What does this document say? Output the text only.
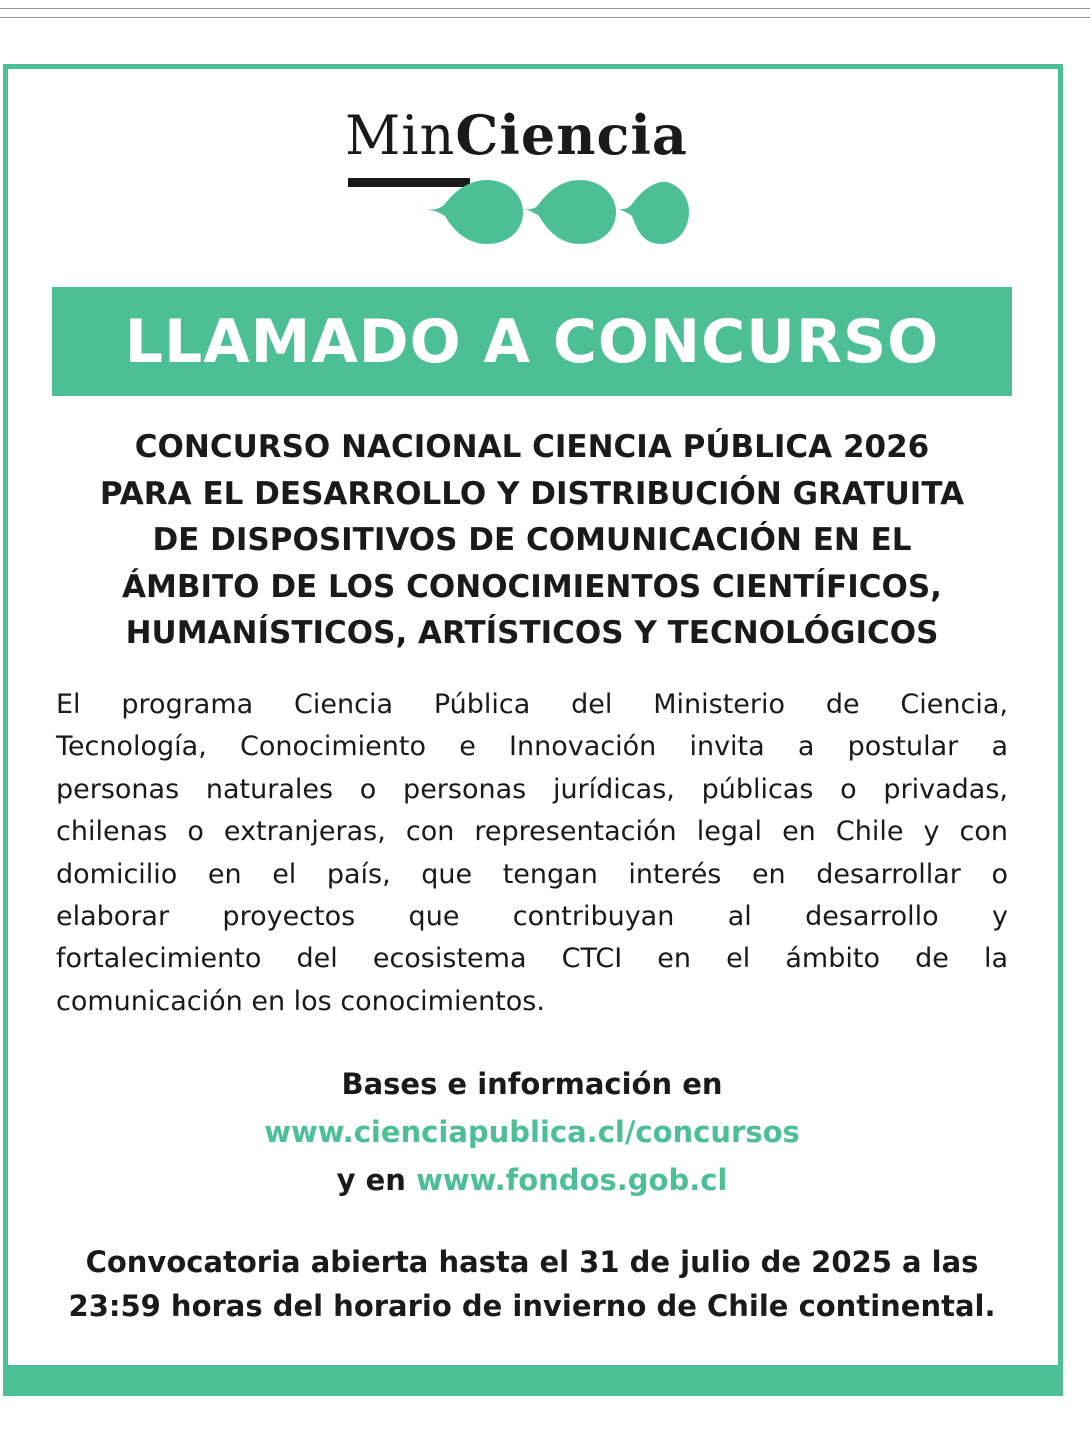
MinCiencia
LLAMADO A CONCURSO
CONCURSO NACIONAL CIENCIA PÚBLICA 2026
PARA EL DESARROLLO Y DISTRIBUCIÓN GRATUITA
DE DISPOSITIVOS DE COMUNICACIÓN EN EL
ÁMBITO DE LOS CONOCIMIENTOS CIENTÍFICOS,
HUMANÍSTICOS, ARTÍSTICOS Y TECNOLÓGICOS
El programa Ciencia Pública del Ministerio de Ciencia,
Tecnología, Conocimiento e Innovación invita a postular a
personas naturales o personas jurídicas, públicas o privadas,
chilenas o extranjeras, con representación legal en Chile y con
domicilio en el país, que tengan interés en desarrollar o
elaborar proyectos que contribuyan al desarrollo y
fortalecimiento del ecosistema CTCI en el ámbito de la
comunicación en los conocimientos.
Bases e información en
www.cienciapublica.cl/concursos
y en www.fondos.gob.cl
Convocatoria abierta hasta el 31 de julio de 2025 a las
23:59 horas del horario de invierno de Chile continental.
